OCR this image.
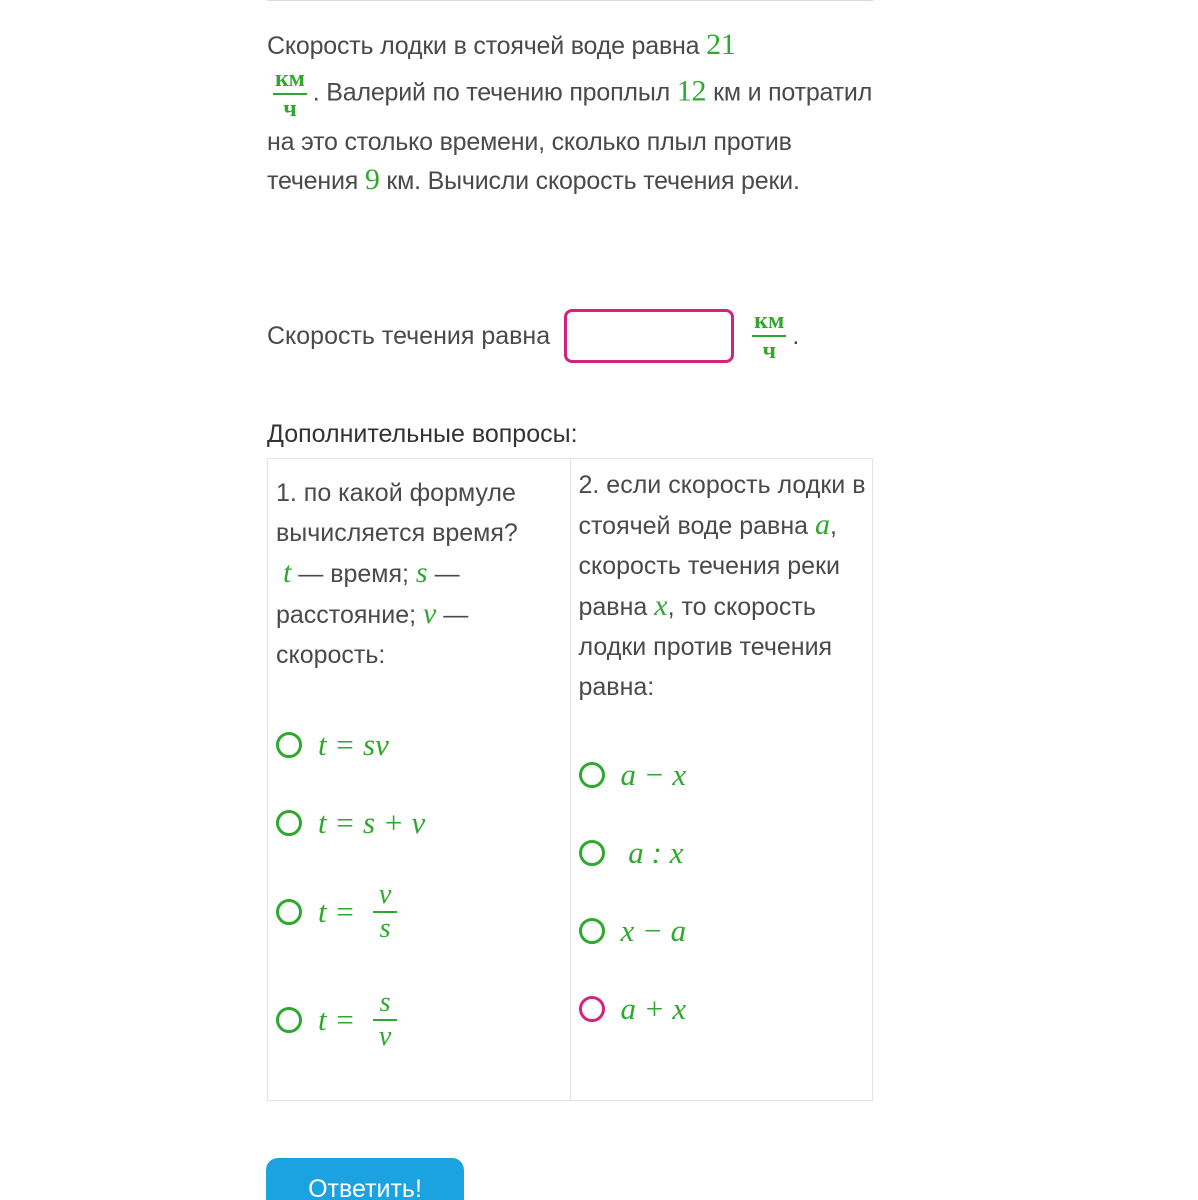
Скорость лодки в стоячей воде равна 21

$\frac{км}{ч}$ . Валерий по течению проплыл 12 км и потратил на это столько времени, сколько плыл против течения 9 км. Вычисли скорость течения реки.
Скорость течения равна	$\frac{км}{ч}$ .
Дополнительные вопросы:
1. по какой формуле вычисляется время?
t — время; s — расстояние; v — скорость:
t = sv
t = s + v
t = v
s
t = s
v
2. если скорость лодки в стоячей воде равна a, скорость течения реки равна x, то скорость лодки против течения равна:
a − x
a : x
x − a
a + x
Ответить!
